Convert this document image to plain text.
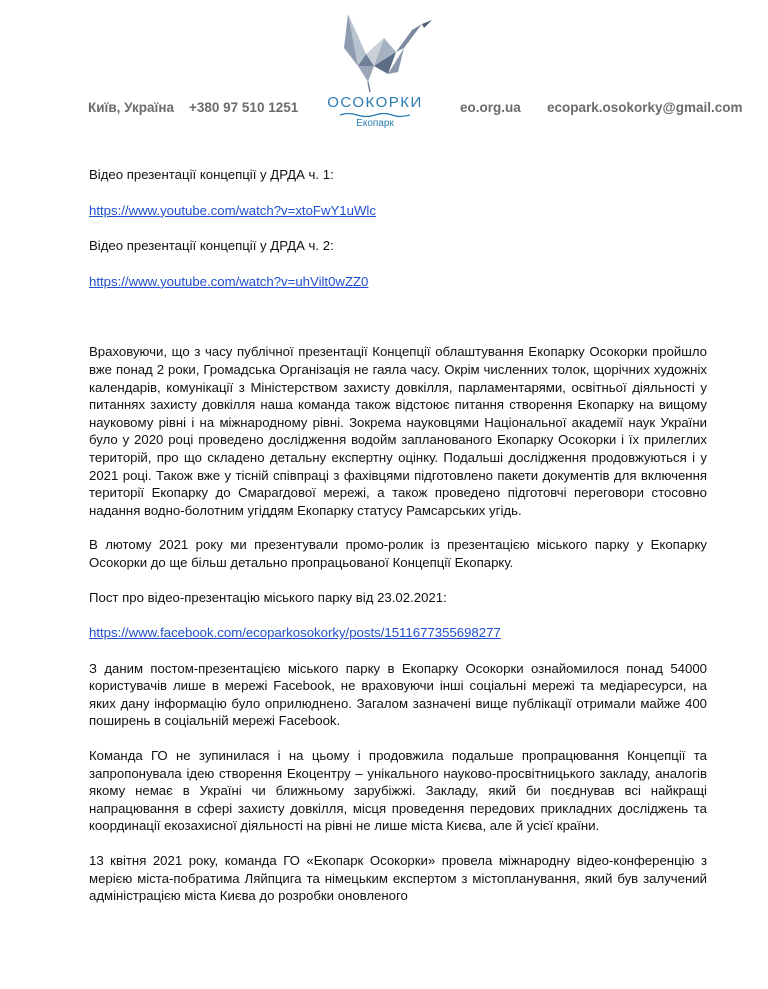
Київ, Україна +380 97 510 1251	ОСОКОРКИ
Екопарк
eo.org.ua ecopark.osokorky@gmail.com

Відео презентації концепції у ДРДА ч. 1:

https://www.youtube.com/watch?v=xtoFwY1uWlc

Відео презентації концепції у ДРДА ч. 2:

https://www.youtube.com/watch?v=uhVilt0wZZ0

Враховуючи, що з часу публічної презентації Концепції облаштування Екопарку Осокорки пройшло вже понад 2 роки, Громадська Організація не гаяла часу. Окрім численних толок, щорічних художніх календарів, комунікації з Міністерством захисту довкілля, парламентарями, освітньої діяльності у питаннях захисту довкілля наша команда також відстоює питання створення Екопарку на вищому науковому рівні і на міжнародному рівні. Зокрема науковцями Національної академії наук України було у 2020 році проведено дослідження водойм запланованого Екопарку Осокорки і їх прилеглих територій, про що складено детальну експертну оцінку. Подальші дослідження продовжуються і у 2021 році. Також вже у тісній співпраці з фахівцями підготовлено пакети документів для включення території Екопарку до Смарагдової мережі, а також проведено підготовчі переговори стосовно надання водно-болотним угіддям Екопарку статусу Рамсарських угідь.

В лютому 2021 року ми презентували промо-ролик із презентацією міського парку у Екопарку Осокорки до ще більш детально пропрацьованої Концепції Екопарку.

Пост про відео-презентацію міського парку від 23.02.2021:

https://www.facebook.com/ecoparkosokorky/posts/1511677355698277

З даним постом-презентацією міського парку в Екопарку Осокорки ознайомилося понад 54000 користувачів лише в мережі Facebook, не враховуючи інші соціальні мережі та медіаресурси, на яких дану інформацію було оприлюднено. Загалом зазначені вище публікації отримали майже 400 поширень в соціальній мережі Facebook.

Команда ГО не зупинилася і на цьому і продовжила подальше пропрацювання Концепції та запропонувала ідею створення Екоцентру – унікального науково-просвітницького закладу, аналогів якому немає в Україні чи ближньому зарубіжжі. Закладу, який би поєднував всі найкращі напрацювання в сфері захисту довкілля, місця проведення передових прикладних досліджень та координації екозахисної діяльності на рівні не лише міста Києва, але й усієї країни.

13 квітня 2021 року, команда ГО «Екопарк Осокорки» провела міжнародну відео-конференцію з мерією міста-побратима Ляйпцига та німецьким експертом з містопланування, який був залучений адміністрацією міста Києва до розробки оновленого
